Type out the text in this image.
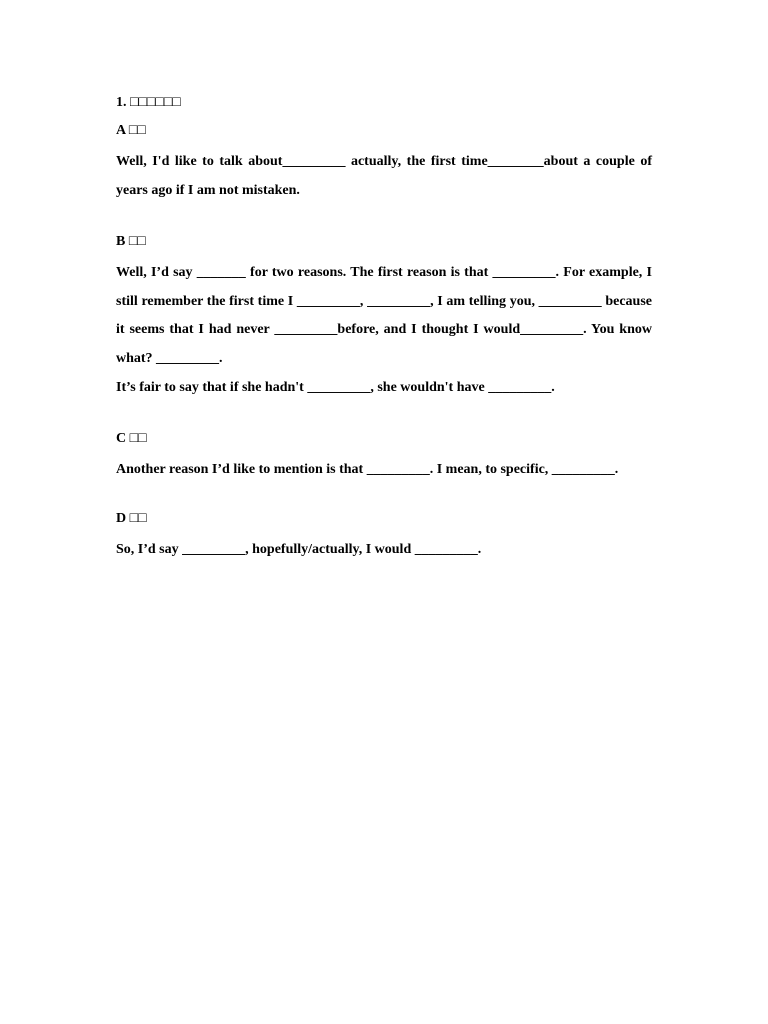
1. □□□□□□

A □□

Well, I'd like to talk about_________ actually, the first time________about a couple of years ago if I am not mistaken.

B □□

Well, I’d say _______ for two reasons. The first reason is that _________. For example, I still remember the first time I _________, _________, I am telling you, _________ because it seems that I had never _________before, and I thought I would_________. You know what? _________.

It’s fair to say that if she hadn't _________, she wouldn't have _________.

C □□

Another reason I’d like to mention is that _________. I mean, to specific, _________.

D □□

So, I’d say _________, hopefully/actually, I would _________.
